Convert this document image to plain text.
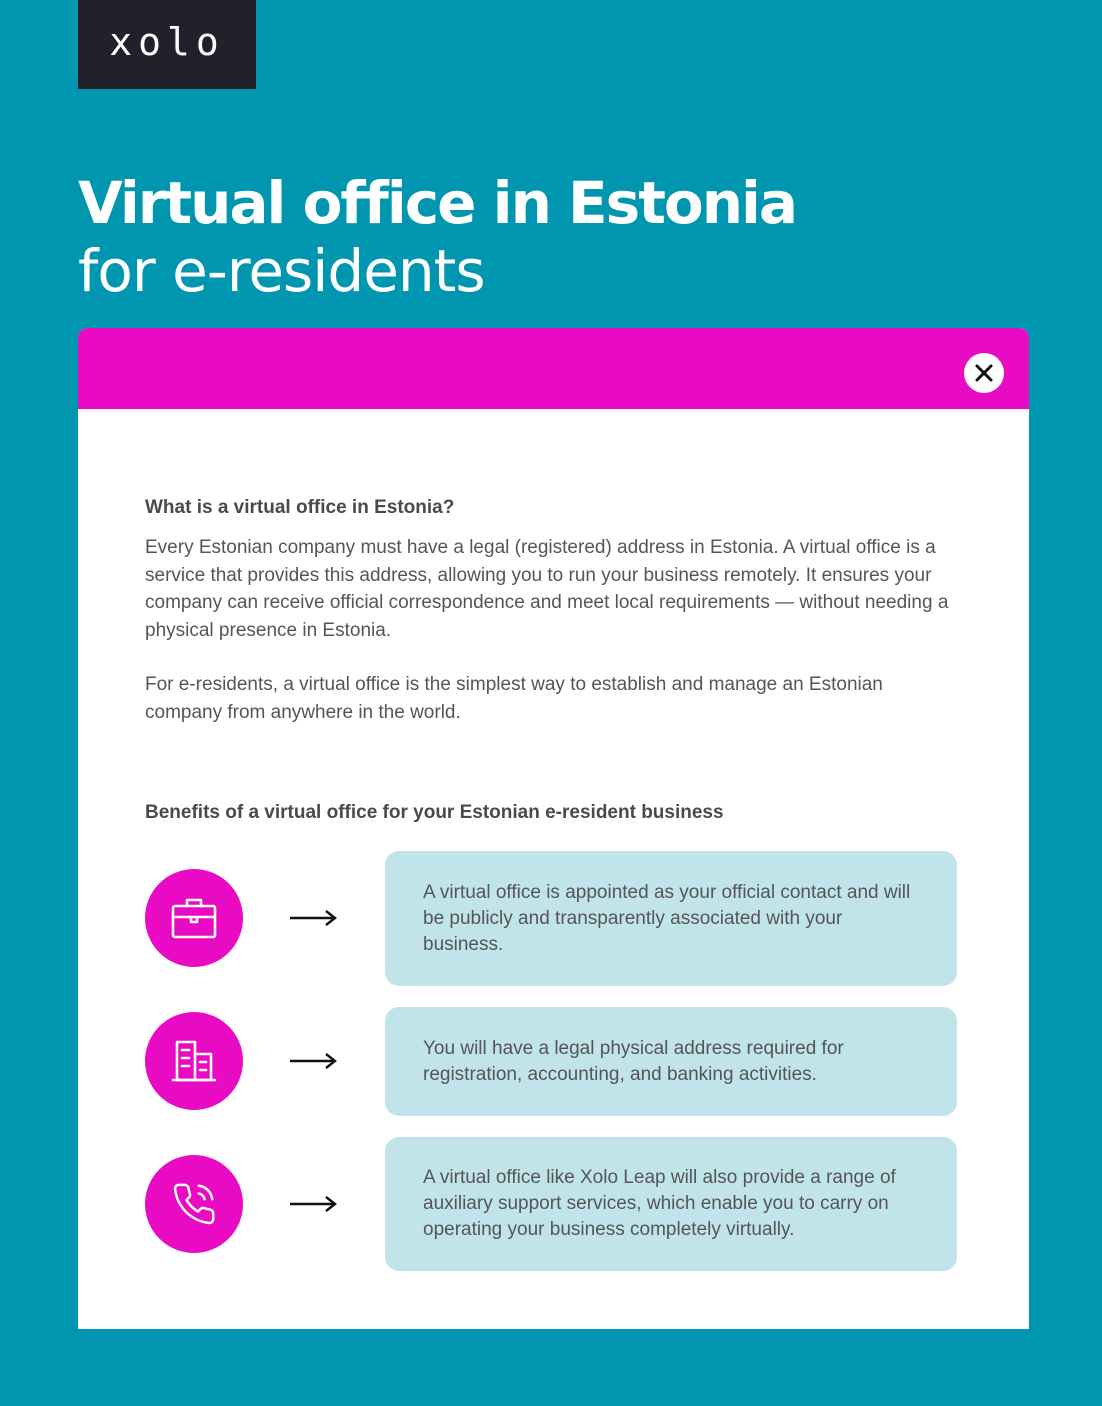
xolo
Virtual office in Estonia
for e-residents
What is a virtual office in Estonia?

Every Estonian company must have a legal (registered) address in Estonia. A virtual office is a service that provides this address, allowing you to run your business remotely. It ensures your company can receive official correspondence and meet local requirements — without needing a physical presence in Estonia.

For e-residents, a virtual office is the simplest way to establish and manage an Estonian company from anywhere in the world.

Benefits of a virtual office for your Estonian e-resident business
A virtual office is appointed as your official contact and will be publicly and transparently associated with your business.
You will have a legal physical address required for registration, accounting, and banking activities.
A virtual office like Xolo Leap will also provide a range of auxiliary support services, which enable you to carry on operating your business completely virtually.
